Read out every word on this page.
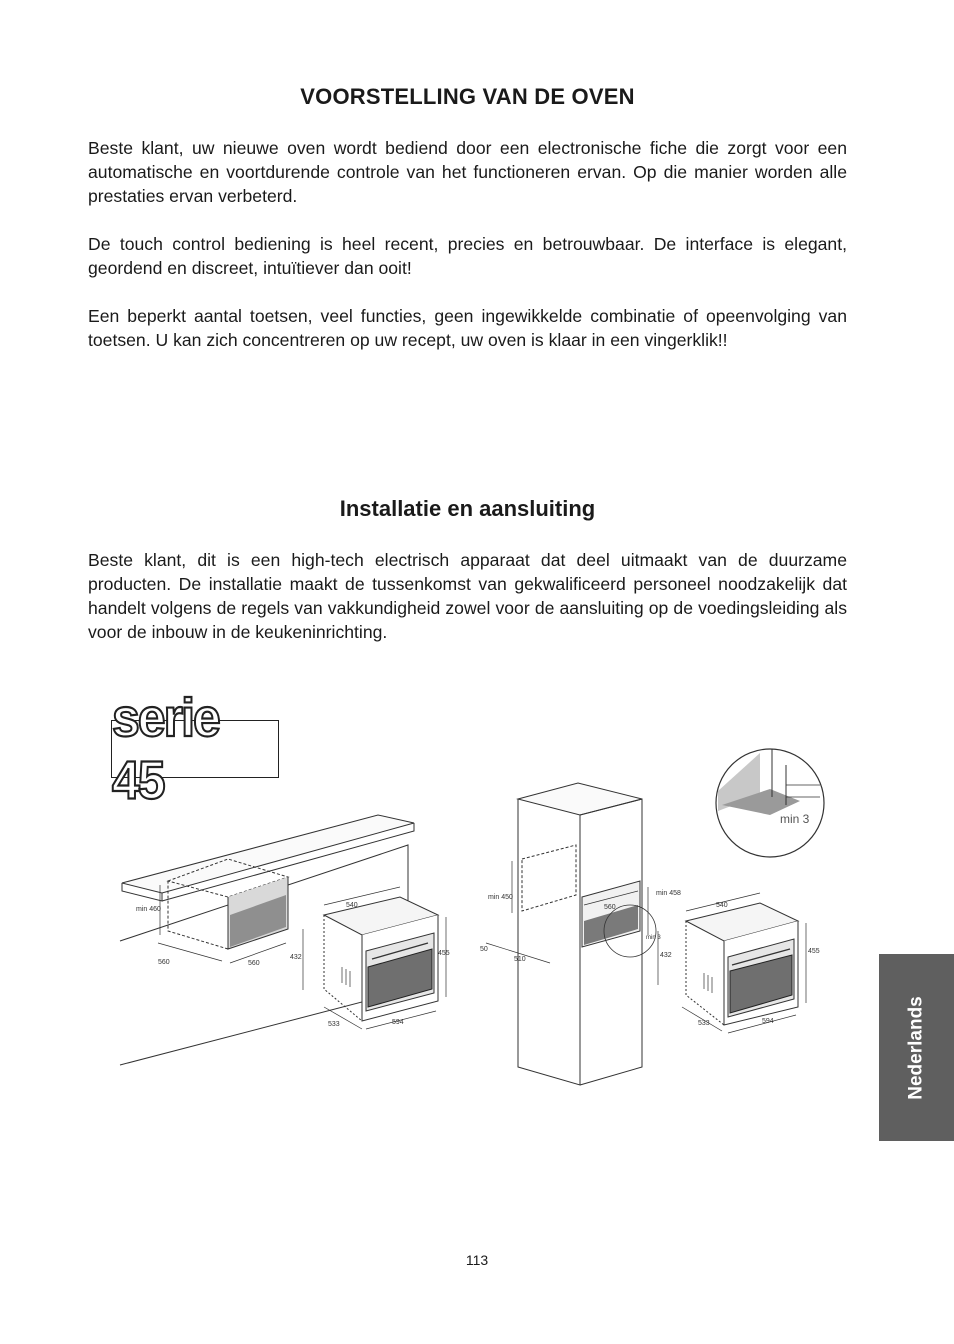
VOORSTELLING VAN DE OVEN

Beste klant, uw nieuwe oven wordt bediend door een electronische fiche die zorgt voor een automatische en voortdurende controle van het functioneren ervan. Op die manier worden alle prestaties ervan verbeterd.

De touch control bediening is heel recent, precies en betrouwbaar. De interface is elegant, geordend en discreet, intuïtiever dan ooit!

Een beperkt aantal toetsen, veel functies, geen ingewikkelde combinatie of opeenvolging van toetsen. U kan zich concentreren op uw recept, uw oven is klaar in een vingerklik!!

Installatie en aansluiting

Beste klant, dit is een high-tech electrisch apparaat dat deel uitmaakt van de duurzame producten. De installatie maakt de tussenkomst van gekwalificeerd personeel noodzakelijk dat handelt volgens de regels van vakkundigheid zowel voor de aansluiting op de voedingsleiding als voor de inbouw in de keukeninrichting.

serie 45
min 460
560	560
432
540
455
533	594
min 450
min 458
560
50
510
432
min 3
540
455
533	594
min 3
Nederlands
113
